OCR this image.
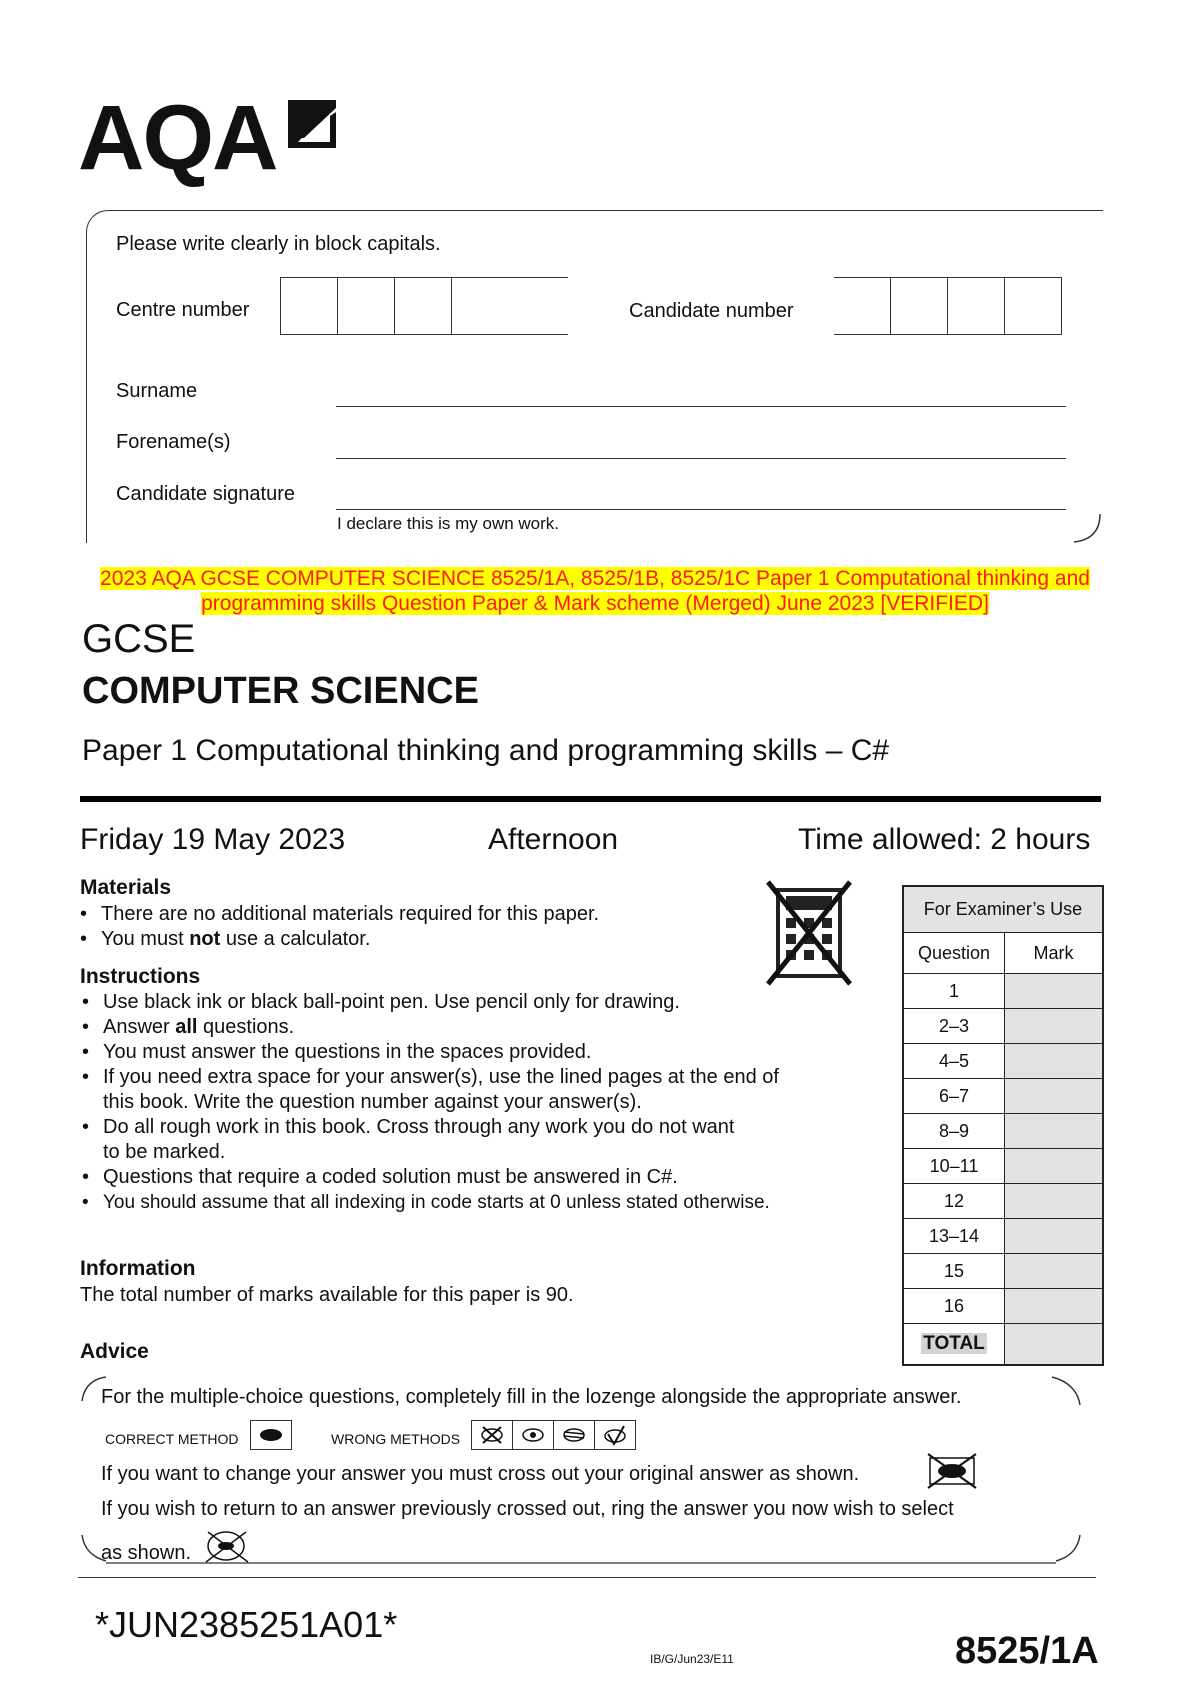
AQA
Please write clearly in block capitals.
Centre number	Candidate number
Surname
Forename(s)
Candidate signature
I declare this is my own work.
2023 AQA GCSE COMPUTER SCIENCE 8525/1A, 8525/1B, 8525/1C Paper 1 Computational thinking and programming skills Question Paper & Mark scheme (Merged) June 2023 [VERIFIED]
GCSE
COMPUTER SCIENCE
Paper 1 Computational thinking and programming skills – C#
Friday 19 May 2023	Afternoon	Time allowed: 2 hours
Materials
• There are no additional materials required for this paper.
• You must not use a calculator.
Instructions
• Use black ink or black ball-point pen. Use pencil only for drawing.
• Answer all questions.
• You must answer the questions in the spaces provided.
• If you need extra space for your answer(s), use the lined pages at the end of
this book. Write the question number against your answer(s).
• Do all rough work in this book. Cross through any work you do not want
to be marked.
• Questions that require a coded solution must be answered in C#.
• You should assume that all indexing in code starts at 0 unless stated otherwise.
Information
The total number of marks available for this paper is 90.
For Examiner’s Use
Question	Mark
1
2–3
4–5
6–7
8–9
10–11
12
13–14
15
16
TOTAL
Advice
For the multiple-choice questions, completely fill in the lozenge alongside the appropriate answer.
CORRECT METHOD	WRONG METHODS
If you want to change your answer you must cross out your original answer as shown.
If you wish to return to an answer previously crossed out, ring the answer you now wish to select
as shown.
*JUN2385251A01*
IB/G/Jun23/E11	8525/1A
